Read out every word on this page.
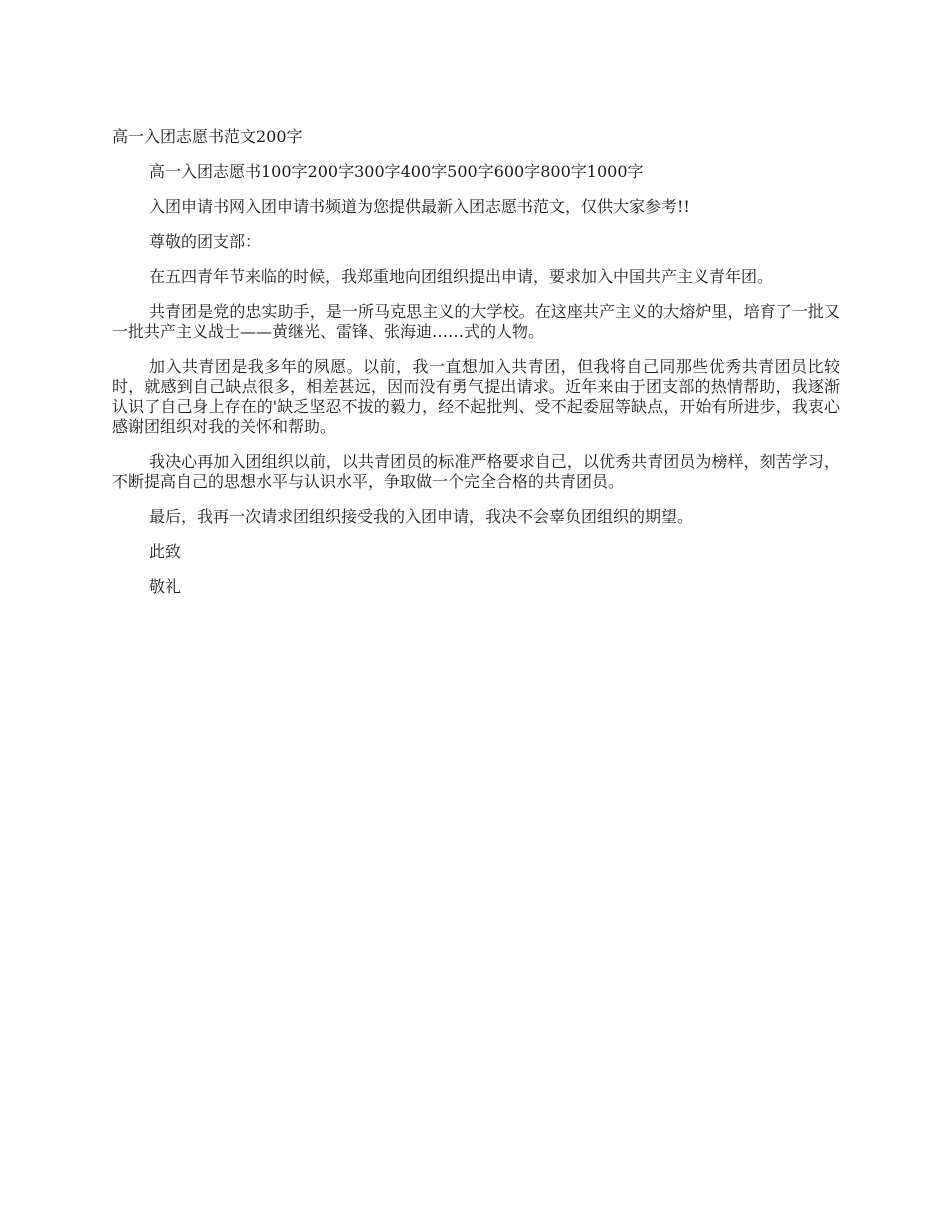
高一入团志愿书范文200字

高一入团志愿书100字200字300字400字500字600字800字1000字

入团申请书网入团申请书频道为您提供最新入团志愿书范文，仅供大家参考!!

尊敬的团支部：

在五四青年节来临的时候，我郑重地向团组织提出申请，要求加入中国共产主义青年团。

共青团是党的忠实助手，是一所马克思主义的大学校。在这座共产主义的大熔炉里，培育了一批又一批共产主义战士——黄继光、雷锋、张海迪……式的人物。

加入共青团是我多年的夙愿。以前，我一直想加入共青团，但我将自己同那些优秀共青团员比较时，就感到自己缺点很多，相差甚远，因而没有勇气提出请求。近年来由于团支部的热情帮助，我逐渐认识了自己身上存在的'缺乏坚忍不拔的毅力，经不起批判、受不起委屈等缺点，开始有所进步，我衷心感谢团组织对我的关怀和帮助。

我决心再加入团组织以前，以共青团员的标准严格要求自己，以优秀共青团员为榜样，刻苦学习，不断提高自己的思想水平与认识水平，争取做一个完全合格的共青团员。

最后，我再一次请求团组织接受我的入团申请，我决不会辜负团组织的期望。

此致

敬礼
